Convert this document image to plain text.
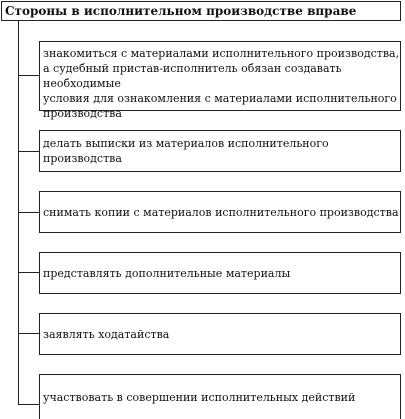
Стороны в исполнительном производстве вправе
знакомиться с материалами исполнительного производства,
а судебный пристав-исполнитель обязан создавать необходимые
условия для ознакомления с материалами исполнительного
производства
делать выписки из материалов исполнительного производства
снимать копии с материалов исполнительного производства
представлять дополнительные материалы
заявлять ходатайства
участвовать в совершении исполнительных действий
